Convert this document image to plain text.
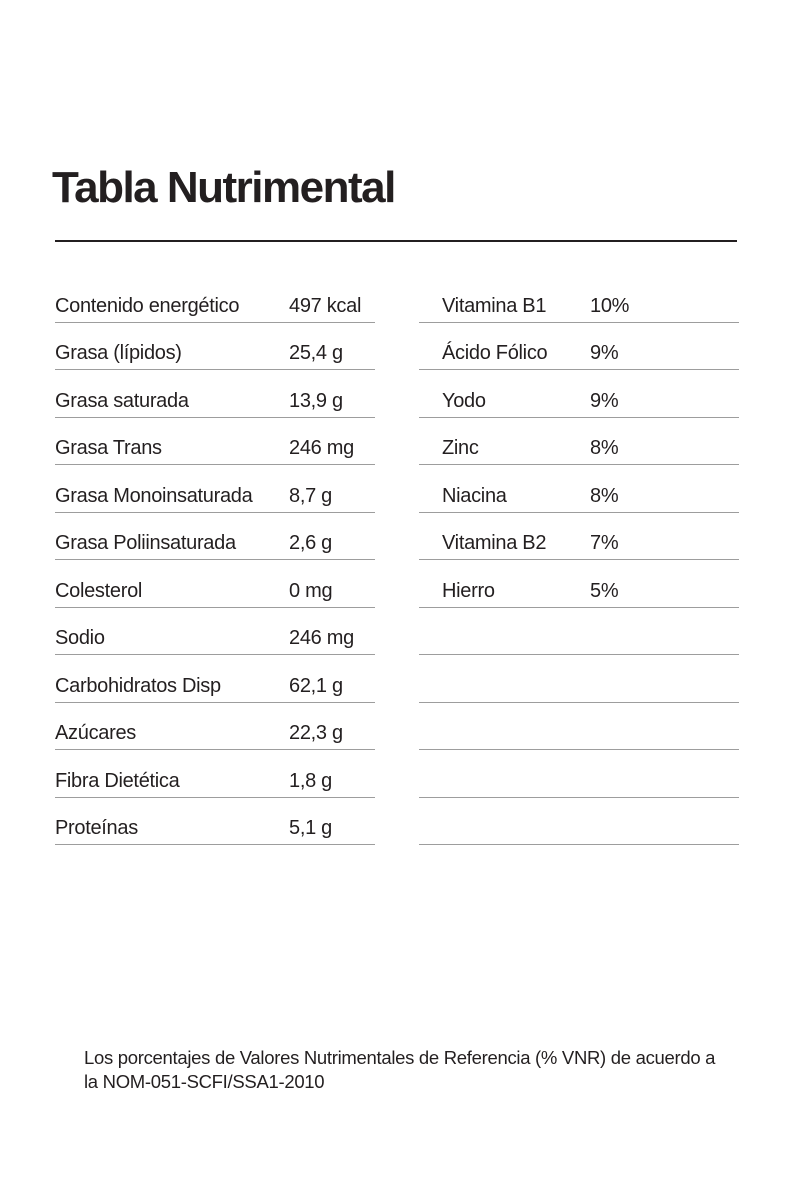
Tabla Nutrimental
Contenido energético 497 kcal
Grasa (lípidos)	25,4 g
Grasa saturada	13,9 g
Grasa Trans	246 mg
Grasa Monoinsaturada 8,7 g
Grasa Poliinsaturada	2,6 g
Colesterol	0 mg
Sodio	246 mg
Carbohidratos Disp	62,1 g
Azúcares	22,3 g
Fibra Dietética	1,8 g
Proteínas	5,1 g
Vitamina B1 10%
Ácido Fólico 9%
Yodo	9%
Zinc	8%
Niacina	8%
Vitamina B2 7%
Hierro	5%

Los porcentajes de Valores Nutrimentales de Referencia (% VNR) de acuerdo a la NOM-051-SCFI/SSA1-2010
